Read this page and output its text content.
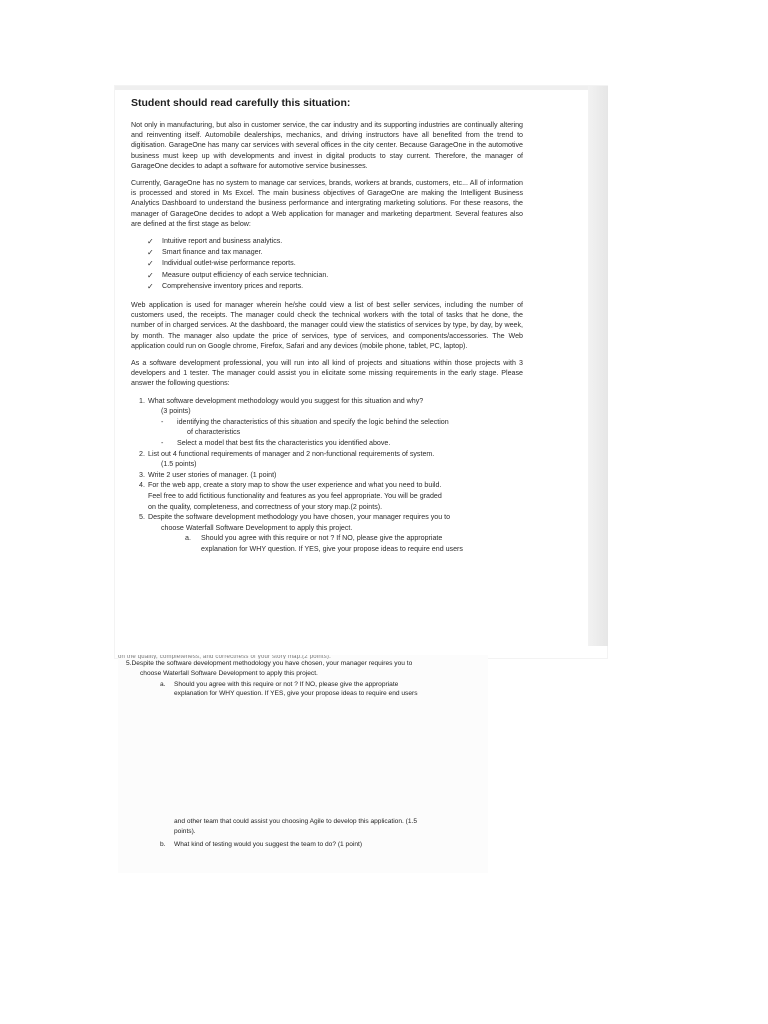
Student should read carefully this situation:

Not only in manufacturing, but also in customer service, the car industry and its supporting industries are continually altering and reinventing itself. Automobile dealerships, mechanics, and driving instructors have all benefited from the trend to digitisation. GarageOne has many car services with several offices in the city center. Because GarageOne in the automotive business must keep up with developments and invest in digital products to stay current. Therefore, the manager of GarageOne decides to adapt a software for automotive service businesses.

Currently, GarageOne has no system to manage car services, brands, workers at brands, customers, etc... All of information is processed and stored in Ms Excel. The main business objectives of GarageOne are making the Intelligent Business Analytics Dashboard to understand the business performance and intergrating marketing solutions. For these reasons, the manager of GarageOne decides to adopt a Web application for manager and marketing department. Several features also are defined at the first stage as below:

✓ Intuitive report and business analytics.
✓ Smart finance and tax manager.
✓ Individual outlet-wise performance reports.
✓ Measure output efficiency of each service technician.
✓ Comprehensive inventory prices and reports.

Web application is used for manager wherein he/she could view a list of best seller services, including the number of customers used, the receipts. The manager could check the technical workers with the total of tasks that he done, the number of in charged services. At the dashboard, the manager could view the statistics of services by type, by day, by week, by month. The manager also update the price of services, type of services, and components/accessories. The Web application could run on Google chrome, Firefox, Safari and any devices (mobile phone, tablet, PC, laptop).

As a software development professional, you will run into all kind of projects and situations within those projects with 3 developers and 1 tester. The manager could assist you in elicitate some missing requirements in the early stage. Please answer the following questions:

1. What software development methodology would you suggest for this situation and why?
(3 points)
- identifying the characteristics of this situation and specify the logic behind the selection
of characteristics
- Select a model that best fits the characteristics you identified above.
2. List out 4 functional requirements of manager and 2 non-functional requirements of system.
(1.5 points)
3. Write 2 user stories of manager. (1 point)
4. For the web app, create a story map to show the user experience and what you need to build.
Feel free to add fictitious functionality and features as you feel appropriate. You will be graded
on the quality, completeness, and correctness of your story map.(2 points).
5. Despite the software development methodology you have chosen, your manager requires you to
choose Waterfall Software Development to apply this project.
a. Should you agree with this require or not ? If NO, please give the appropriate
explanation for WHY question. If YES, give your propose ideas to require end users
on the quality, completeness, and correctness of your story map.(2 points).
5.Despite the software development methodology you have chosen, your manager requires you to
choose Waterfall Software Development to apply this project.
a. Should you agree with this require or not ? If NO, please give the appropriate
explanation for WHY question. If YES, give your propose ideas to require end users
and other team that could assist you choosing Agile to develop this application. (1.5
points).
b. What kind of testing would you suggest the team to do? (1 point)
